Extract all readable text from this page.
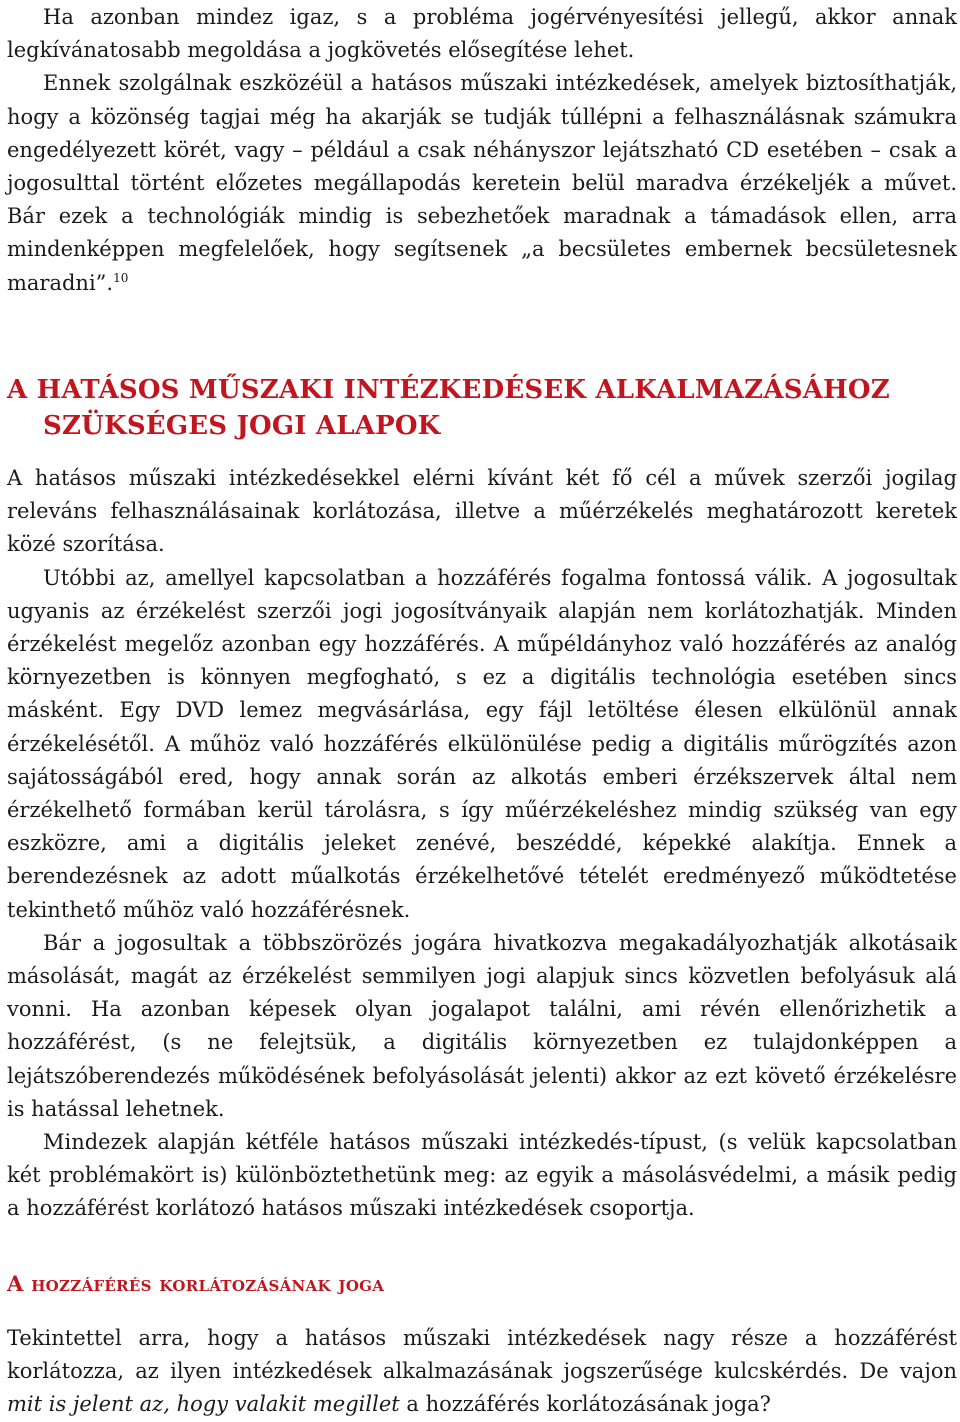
Ha azonban mindez igaz, s a probléma jogérvényesítési jellegű, akkor annak legkívánatosabb megoldása a jogkövetés elősegítése lehet.

Ennek szolgálnak eszközéül a hatásos műszaki intézkedések, amelyek biztosíthatják, hogy a közönség tagjai még ha akarják se tudják túllépni a felhasználásnak számukra engedélyezett körét, vagy – például a csak néhányszor lejátszható CD esetében – csak a jogosulttal történt előzetes megállapodás keretein belül maradva érzékeljék a művet. Bár ezek a technológiák mindig is sebezhetőek maradnak a támadások ellen, arra mindenképpen megfelelőek, hogy segítsenek „a becsületes embernek becsületesnek maradni”.$^{10}$

A HATÁSOS MŰSZAKI INTÉZKEDÉSEK ALKALMAZÁSÁHOZ
SZÜKSÉGES JOGI ALAPOK

A hatásos műszaki intézkedésekkel elérni kívánt két fő cél a művek szerzői jogilag releváns felhasználásainak korlátozása, illetve a műérzékelés meghatározott keretek közé szorítása.

Utóbbi az, amellyel kapcsolatban a hozzáférés fogalma fontossá válik. A jogosultak ugyanis az érzékelést szerzői jogi jogosítványaik alapján nem korlátozhatják. Minden érzékelést megelőz azonban egy hozzáférés. A műpéldányhoz való hozzáférés az analóg környezetben is könnyen megfogható, s ez a digitális technológia esetében sincs másként. Egy DVD lemez megvásárlása, egy fájl letöltése élesen elkülönül annak érzékelésétől. A műhöz való hozzáférés elkülönülése pedig a digitális műrögzítés azon sajátosságából ered, hogy annak során az alkotás emberi érzékszervek által nem érzékelhető formában kerül tárolásra, s így műérzékeléshez mindig szükség van egy eszközre, ami a digitális jeleket zenévé, beszéddé, képekké alakítja. Ennek a berendezésnek az adott műalkotás érzékelhetővé tételét eredményező működtetése tekinthető műhöz való hozzáférésnek.

Bár a jogosultak a többszörözés jogára hivatkozva megakadályozhatják alkotásaik másolását, magát az érzékelést semmilyen jogi alapjuk sincs közvetlen befolyásuk alá vonni. Ha azonban képesek olyan jogalapot találni, ami révén ellenőrizhetik a hozzáférést, (s ne felejtsük, a digitális környezetben ez tulajdonképpen a lejátszóberendezés működésének befolyásolását jelenti) akkor az ezt követő érzékelésre is hatással lehetnek.

Mindezek alapján kétféle hatásos műszaki intézkedés-típust, (s velük kapcsolatban két problémakört is) különböztethetünk meg: az egyik a másolásvédelmi, a másik pedig a hozzáférést korlátozó hatásos műszaki intézkedések csoportja.

A hozzáférés korlátozásának joga

Tekintettel arra, hogy a hatásos műszaki intézkedések nagy része a hozzáférést korlátozza, az ilyen intézkedések alkalmazásának jogszerűsége kulcskérdés. De vajon mit is jelent az, hogy valakit megillet a hozzáférés korlátozásának joga?
